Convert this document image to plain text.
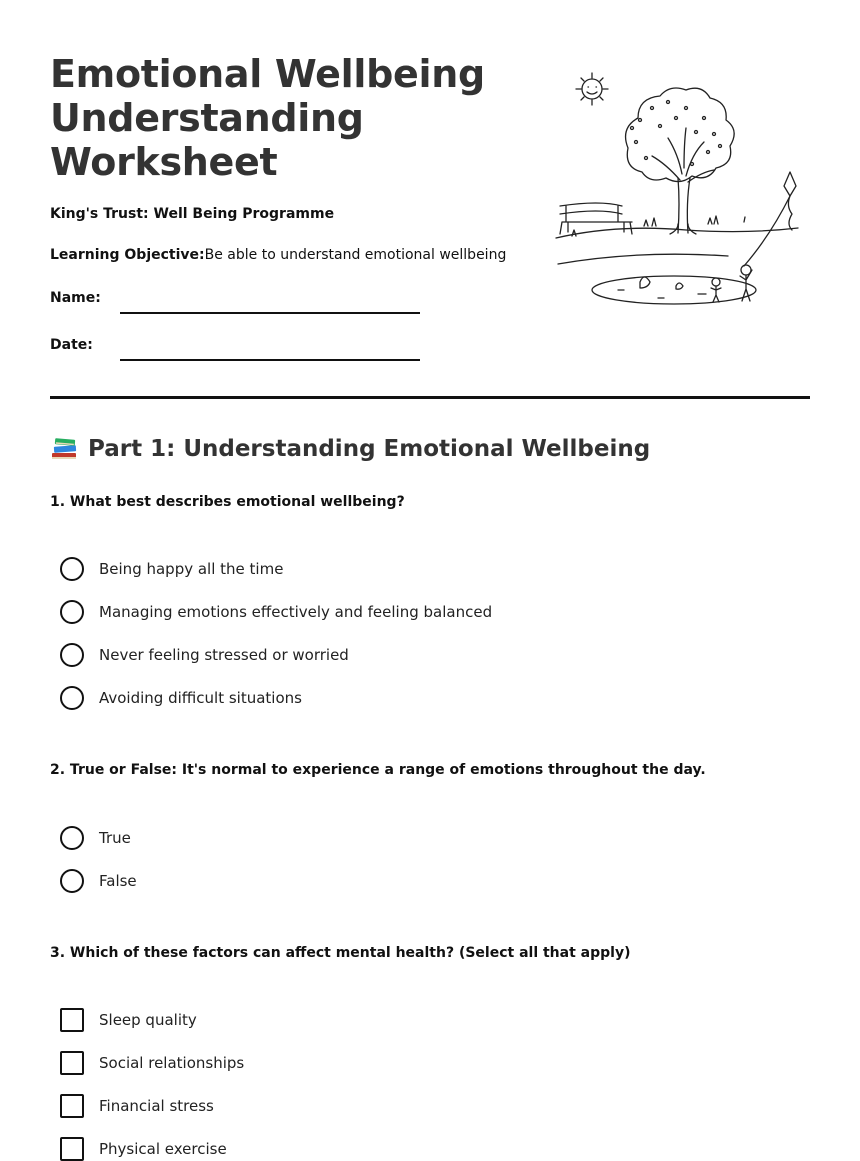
Emotional Wellbeing
Understanding
Worksheet
King's Trust: Well Being Programme
Learning Objective:Be able to understand emotional wellbeing
Name:
Date:
Part 1: Understanding Emotional Wellbeing
1. What best describes emotional wellbeing?
Being happy all the time
Managing emotions effectively and feeling balanced
Never feeling stressed or worried
Avoiding difficult situations
2. True or False: It's normal to experience a range of emotions throughout the day.
True
False
3. Which of these factors can affect mental health? (Select all that apply)
Sleep quality
Social relationships
Financial stress
Physical exercise
